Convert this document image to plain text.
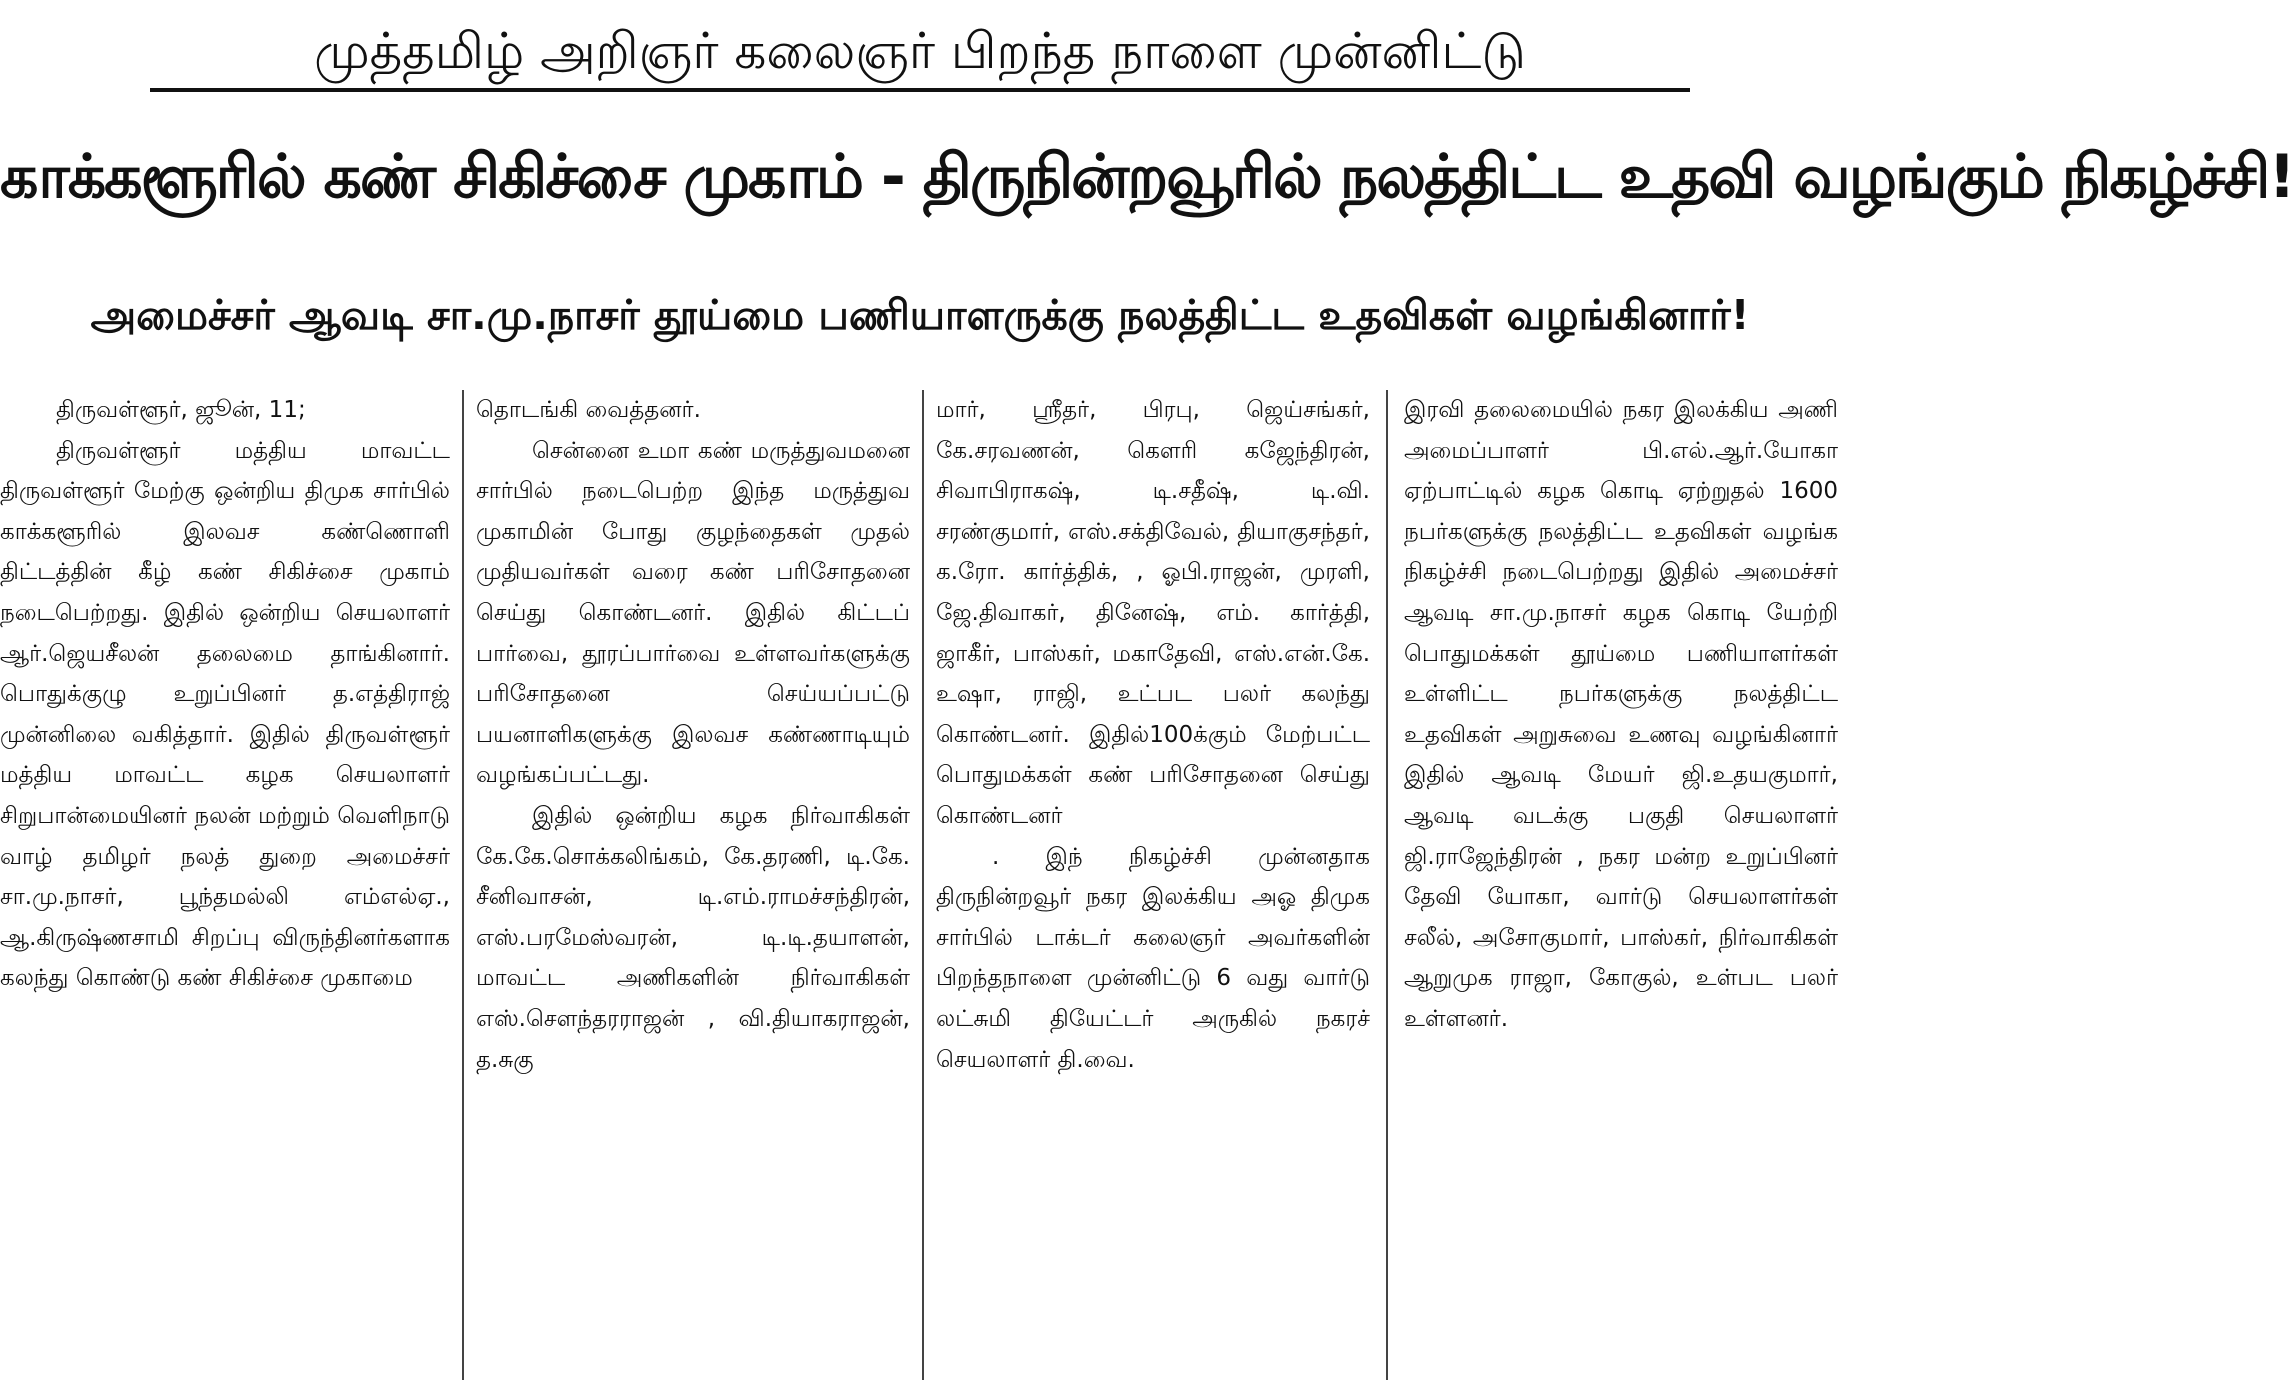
முத்தமிழ் அறிஞர் கலைஞர் பிறந்த நாளை முன்னிட்டு
காக்களூரில் கண் சிகிச்சை முகாம் - திருநின்றவூரில் நலத்திட்ட உதவி வழங்கும் நிகழ்ச்சி!
அமைச்சர் ஆவடி சா.மு.நாசர் தூய்மை பணியாளருக்கு நலத்திட்ட உதவிகள் வழங்கினார்!

திருவள்ளூர், ஜூன், 11;

திருவள்ளூர் மத்திய மாவட்ட திருவள்ளூர் மேற்கு ஒன்றிய திமுக சார்பில் காக்களூரில் இலவச கண்ணொளி திட்டத்தின் கீழ் கண் சிகிச்சை முகாம் நடைபெற்றது. இதில் ஒன்றிய செயலாளர் ஆர்.ஜெயசீலன் தலைமை தாங்கினார். பொதுக்குழு உறுப்பினர் த.எத்திராஜ் முன்னிலை வகித்தார். இதில் திருவள்ளூர் மத்திய மாவட்ட கழக செயலாளர் சிறுபான்மையினர் நலன் மற்றும் வெளிநாடு வாழ் தமிழர் நலத் துறை அமைச்சர் சா.மு.நாசர், பூந்தமல்லி எம்எல்ஏ., ஆ.கிருஷ்ணசாமி சிறப்பு விருந்தினர்களாக கலந்து கொண்டு கண் சிகிச்சை முகாமை

தொடங்கி வைத்தனர்.

சென்னை உமா கண் மருத்துவமனை சார்பில் நடைபெற்ற இந்த மருத்துவ முகாமின் போது குழந்தைகள் முதல் முதியவர்கள் வரை கண் பரிசோதனை செய்து கொண்டனர். இதில் கிட்டப் பார்வை, தூரப்பார்வை உள்ளவர்களுக்கு பரிசோதனை செய்யப்பட்டு பயனாளிகளுக்கு இலவச கண்ணாடியும் வழங்கப்பட்டது.

இதில் ஒன்றிய கழக நிர்வாகிகள் கே.கே.சொக்கலிங்கம், கே.தரணி, டி.கே. சீனிவாசன், டி.எம்.ராமச்சந்திரன், எஸ்.பரமேஸ்வரன், டி.டி.தயாளன், மாவட்ட அணிகளின் நிர்வாகிகள் எஸ்.சௌந்தரராஜன் , வி.தியாகராஜன், த.சுகு

மார், ஸ்ரீதர், பிரபு, ஜெய்சங்கர், கே.சரவணன், கௌரி கஜேந்திரன், சிவாபிராகஷ், டி.சதீஷ், டி.வி. சரண்குமார், எஸ்.சக்திவேல், தியாகுசந்தர், க.ரோ. கார்த்திக், , ஓபி.ராஜன், முரளி, ஜே.திவாகர், தினேஷ், எம். கார்த்தி, ஜாகீர், பாஸ்கர், மகாதேவி, எஸ்.என்.கே. உஷா, ராஜி, உட்பட பலர் கலந்து கொண்டனர். இதில்100க்கும் மேற்பட்ட பொதுமக்கள் கண் பரிசோதனை செய்து கொண்டனர்

. இந் நிகழ்ச்சி முன்னதாக திருநின்றவூர் நகர இலக்கிய அஓ திமுக சார்பில் டாக்டர் கலைஞர் அவர்களின் பிறந்தநாளை முன்னிட்டு 6 வது வார்டு லட்சுமி தியேட்டர் அருகில் நகரச் செயலாளர் தி.வை.

இரவி தலைமையில் நகர இலக்கிய அணி அமைப்பாளர் பி.எல்.ஆர்.யோகா ஏற்பாட்டில் கழக கொடி ஏற்றுதல் 1600 நபர்களுக்கு நலத்திட்ட உதவிகள் வழங்க நிகழ்ச்சி நடைபெற்றது இதில் அமைச்சர் ஆவடி சா.மு.நாசர் கழக கொடி யேற்றி பொதுமக்கள் தூய்மை பணியாளர்கள் உள்ளிட்ட நபர்களுக்கு நலத்திட்ட உதவிகள் அறுசுவை உணவு வழங்கினார் இதில் ஆவடி மேயர் ஜி.உதயகுமார், ஆவடி வடக்கு பகுதி செயலாளர் ஜி.ராஜேந்திரன் , நகர மன்ற உறுப்பினர் தேவி யோகா, வார்டு செயலாளர்கள் சலீல், அசோகுமார், பாஸ்கர், நிர்வாகிகள் ஆறுமுக ராஜா, கோகுல், உள்பட பலர் உள்ளனர்.
